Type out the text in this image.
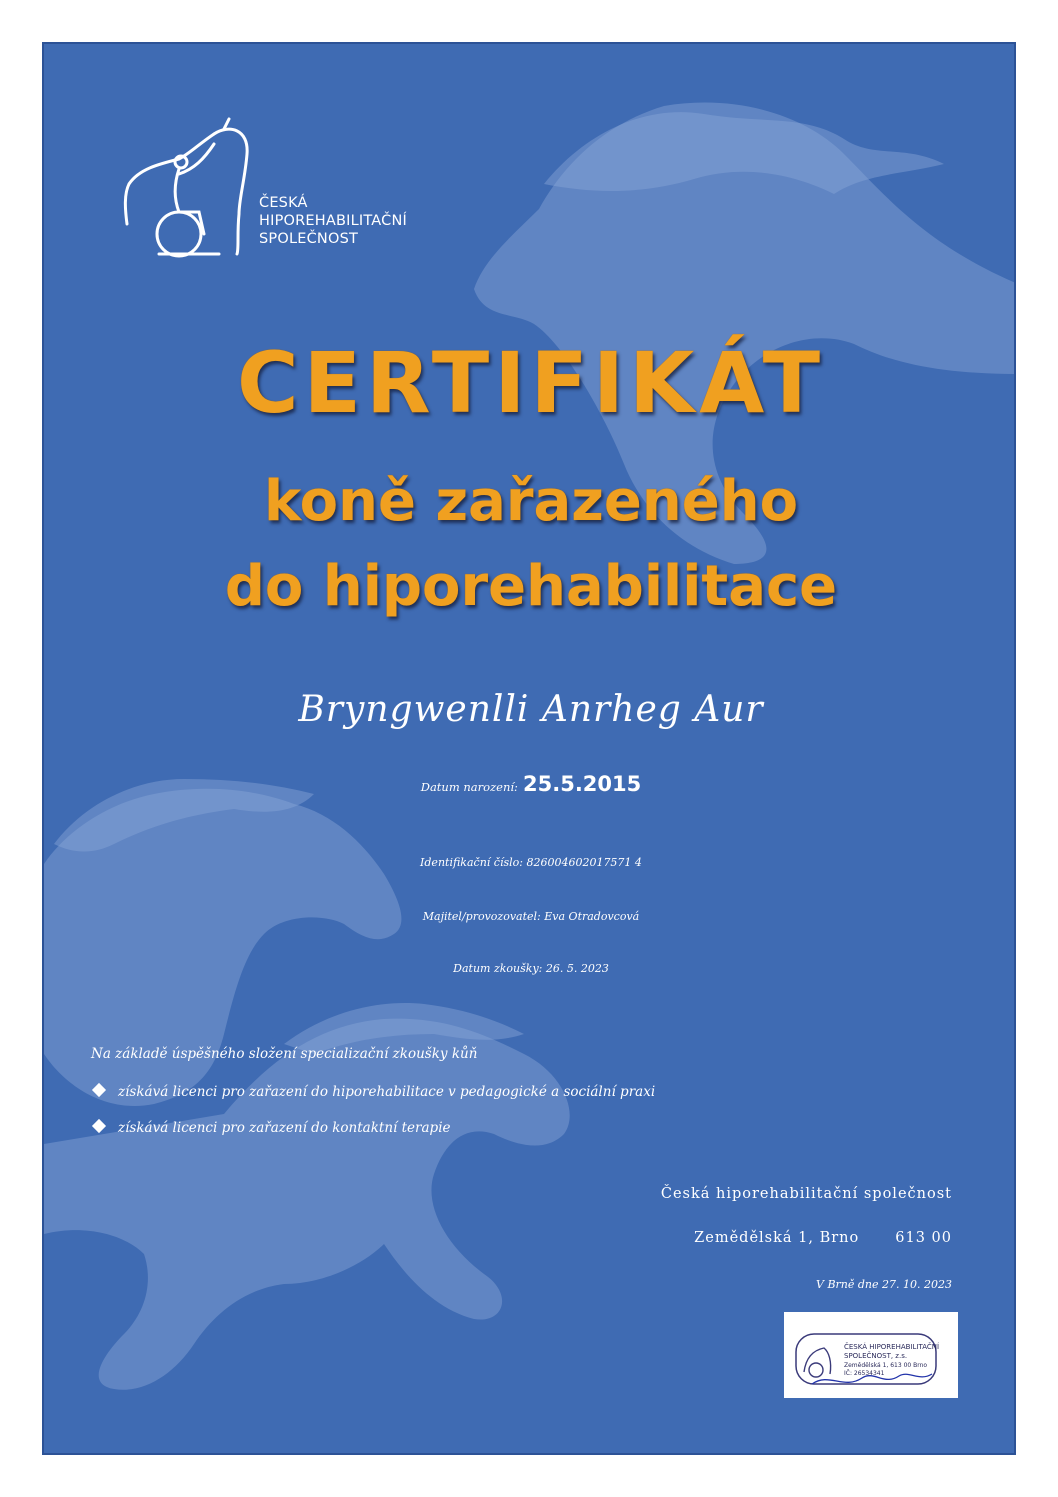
ČESKÁ
HIPOREHABILITAČNÍ
SPOLEČNOST
CERTIFIKÁT
koně zařazeného
do hiporehabilitace
Bryngwenlli Anrheg Aur
Datum narození: 25.5.2015
Identifikační číslo: 826004602017571 4
Majitel/provozovatel: Eva Otradovcová
Datum zkoušky: 26. 5. 2023
Na základě úspěšného složení specializační zkoušky kůň
získává licenci pro zařazení do hiporehabilitace v pedagogické a sociální praxi
získává licenci pro zařazení do kontaktní terapie
Česká hiporehabilitační společnost
Zemědělská 1, Brno 613 00
V Brně dne 27. 10. 2023
ČESKÁ HIPOREHABILITAČNÍ
SPOLEČNOST, z.s.
Zemědělská 1, 613 00 Brno
IČ: 26534341
